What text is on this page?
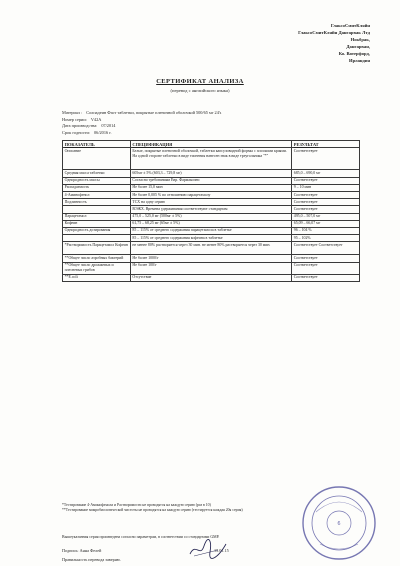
ГлаксоСмитКляйн
ГлаксоСмитКляйн Дангарвак Лтд
Нокбрак,
Дангарван,
Ко. Ватерфорд,
Ирландия
СЕРТИФИКАТ АНАЛИЗА
(перевод с английского языка)
Материал : Солпадеин Фаст таблетки, покрытые пленочной оболочкой 500/65 мг 24's
Номер серии: V42A
Дата производства: 07/2014
Срок годности: 06/2016 г.
ПОКАЗАТЕЛЬ	СПЕЦИФИКАЦИЯ	РЕЗУЛЬТАТ
Описание	Белые, покрытые пленочной оболочкой, таблетки капсуловидной формы с плоскими краями. На одной стороне таблетки в виде тиснения нанесен знак в виде треугольника "*"	Соответствует
Средняя масса таблетки	605мг ± 5% (603,3 – 729,8 мг)	685,0 – 690,0 мг
Однородность массы	Согласно требованиям Евр. Фармакопеи	Соответствует
Распадаемость	Не более 15,0 мин	9 – 10 мин
4-Аминофенол	Не более 0,005 % по отношению парацетамолу	Соответствует
Подлинность	ТСХ на одну серию	Соответствует
	ВЭЖХ. Времена удерживания соответствуют стандартам	Соответствует
Парацетамол	475,0 – 525,0 мг (500мг ± 5%)	495,0 – 507,0 мг
Кофеин	61,75 – 68,25 мг (65мг ± 5%)	65,09 – 66,07 мг
Однородность дозирования	85 – 115% от среднего содержания парацетамола в таблетке	96 – 104 %
	85 – 115% от среднего содержания кофеина в таблетке	95 – 102%
*Растворимость Парацетамол Кофеин	не менее 80% растворяется через 30 мин. не менее 80% растворяется через 30 мин.	Соответствует Соответствует
**Общее число аэробных бактерий	Не более 1000/г	Соответствует
**Общее число дрожжевых и плесневых грибов	Не более 100/г	Соответствует
**E.coli	Отсутствие	Соответствует
*Тестирование 4-Аминофенола и Растворимости не проводятся на каждую серию (раз в 10)
**Тестирование микробиологической чистоты не проводятся на каждую серию (тестируется каждая 20я серия)
Вышеуказанная серия произведена согласно параметрам, в соответствии со стандартами GMP.
Подпись: Анна Фелей	15.01.15
Правильность перевода заверяю.
6
